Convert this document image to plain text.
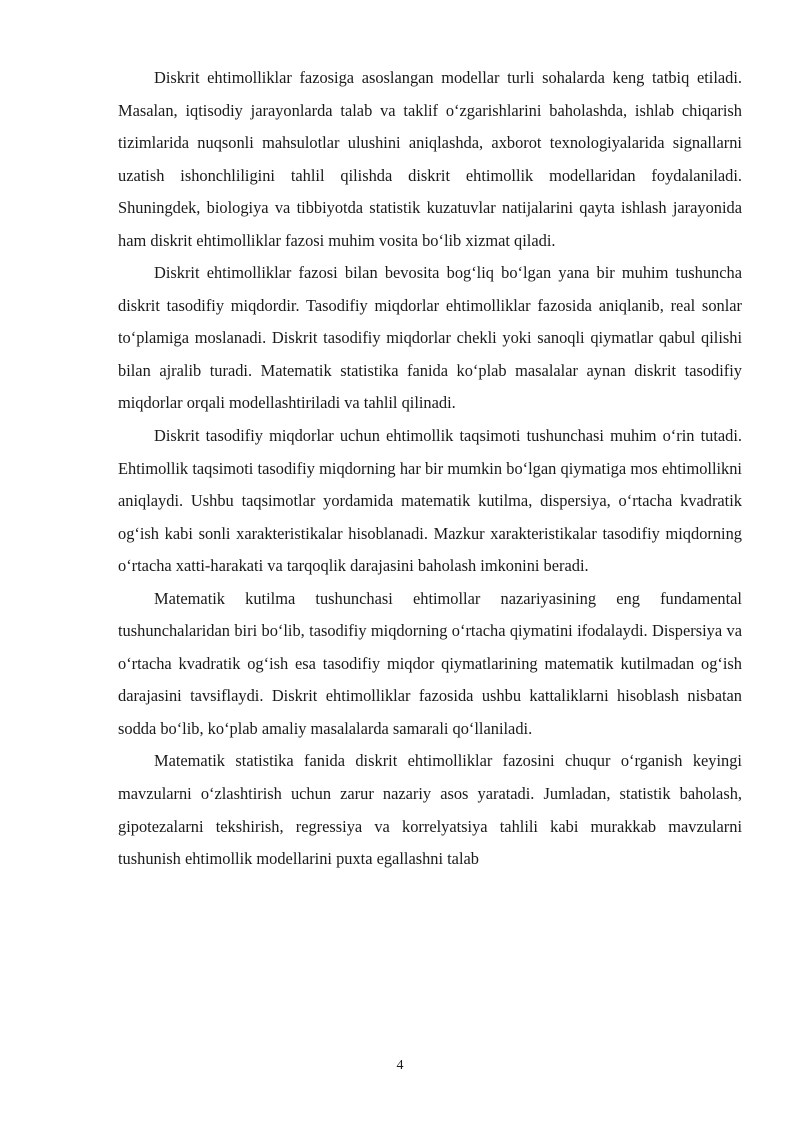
Diskrit ehtimolliklar fazosiga asoslangan modellar turli sohalarda keng tatbiq etiladi. Masalan, iqtisodiy jarayonlarda talab va taklif o‘zgarishlarini baholashda, ishlab chiqarish tizimlarida nuqsonli mahsulotlar ulushini aniqlashda, axborot texnologiyalarida signallarni uzatish ishonchliligini tahlil qilishda diskrit ehtimollik modellaridan foydalaniladi. Shuningdek, biologiya va tibbiyotda statistik kuzatuvlar natijalarini qayta ishlash jarayonida ham diskrit ehtimolliklar fazosi muhim vosita bo‘lib xizmat qiladi.

Diskrit ehtimolliklar fazosi bilan bevosita bog‘liq bo‘lgan yana bir muhim tushuncha diskrit tasodifiy miqdordir. Tasodifiy miqdorlar ehtimolliklar fazosida aniqlanib, real sonlar to‘plamiga moslanadi. Diskrit tasodifiy miqdorlar chekli yoki sanoqli qiymatlar qabul qilishi bilan ajralib turadi. Matematik statistika fanida ko‘plab masalalar aynan diskrit tasodifiy miqdorlar orqali modellashtiriladi va tahlil qilinadi.

Diskrit tasodifiy miqdorlar uchun ehtimollik taqsimoti tushunchasi muhim o‘rin tutadi. Ehtimollik taqsimoti tasodifiy miqdorning har bir mumkin bo‘lgan qiymatiga mos ehtimollikni aniqlaydi. Ushbu taqsimotlar yordamida matematik kutilma, dispersiya, o‘rtacha kvadratik og‘ish kabi sonli xarakteristikalar hisoblanadi. Mazkur xarakteristikalar tasodifiy miqdorning o‘rtacha xatti-harakati va tarqoqlik darajasini baholash imkonini beradi.

Matematik kutilma tushunchasi ehtimollar nazariyasining eng fundamental tushunchalaridan biri bo‘lib, tasodifiy miqdorning o‘rtacha qiymatini ifodalaydi. Dispersiya va o‘rtacha kvadratik og‘ish esa tasodifiy miqdor qiymatlarining matematik kutilmadan og‘ish darajasini tavsiflaydi. Diskrit ehtimolliklar fazosida ushbu kattaliklarni hisoblash nisbatan sodda bo‘lib, ko‘plab amaliy masalalarda samarali qo‘llaniladi.

Matematik statistika fanida diskrit ehtimolliklar fazosini chuqur o‘rganish keyingi mavzularni o‘zlashtirish uchun zarur nazariy asos yaratadi. Jumladan, statistik baholash, gipotezalarni tekshirish, regressiya va korrelyatsiya tahlili kabi murakkab mavzularni tushunish ehtimollik modellarini puxta egallashni talab

4
